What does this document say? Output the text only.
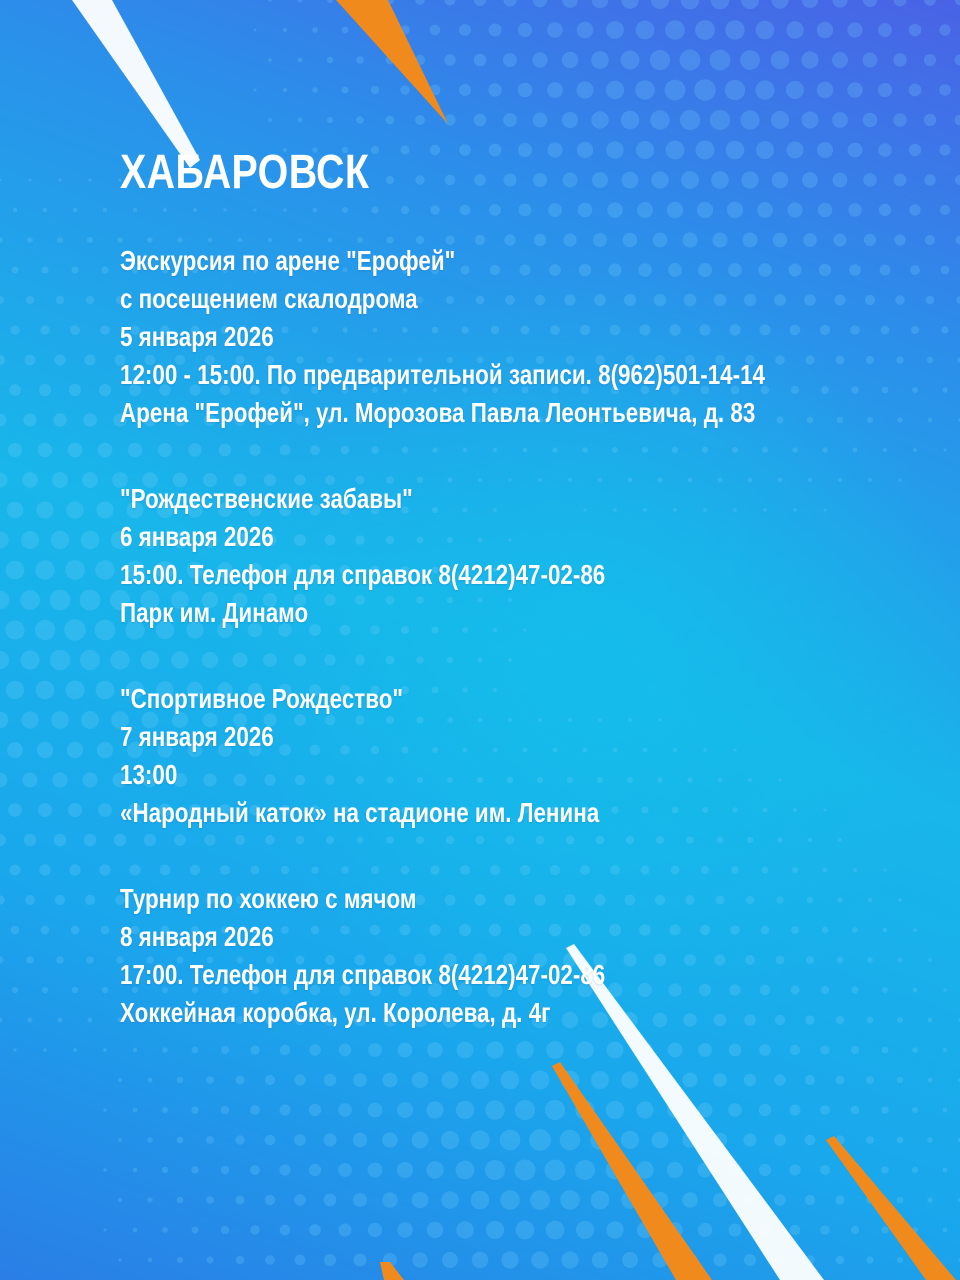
ХАБАРОВСК
Экскурсия по арене "Ерофей"
с посещением скалодрома
5 января 2026
12:00 - 15:00. По предварительной записи. 8(962)501-14-14
Арена "Ерофей", ул. Морозова Павла Леонтьевича, д. 83
"Рождественские забавы"
6 января 2026
15:00. Телефон для справок 8(4212)47-02-86
Парк им. Динамо
"Спортивное Рождество"
7 января 2026
13:00
«Народный каток» на стадионе им. Ленина
Турнир по хоккею с мячом
8 января 2026
17:00. Телефон для справок 8(4212)47-02-86
Хоккейная коробка, ул. Королева, д. 4г
